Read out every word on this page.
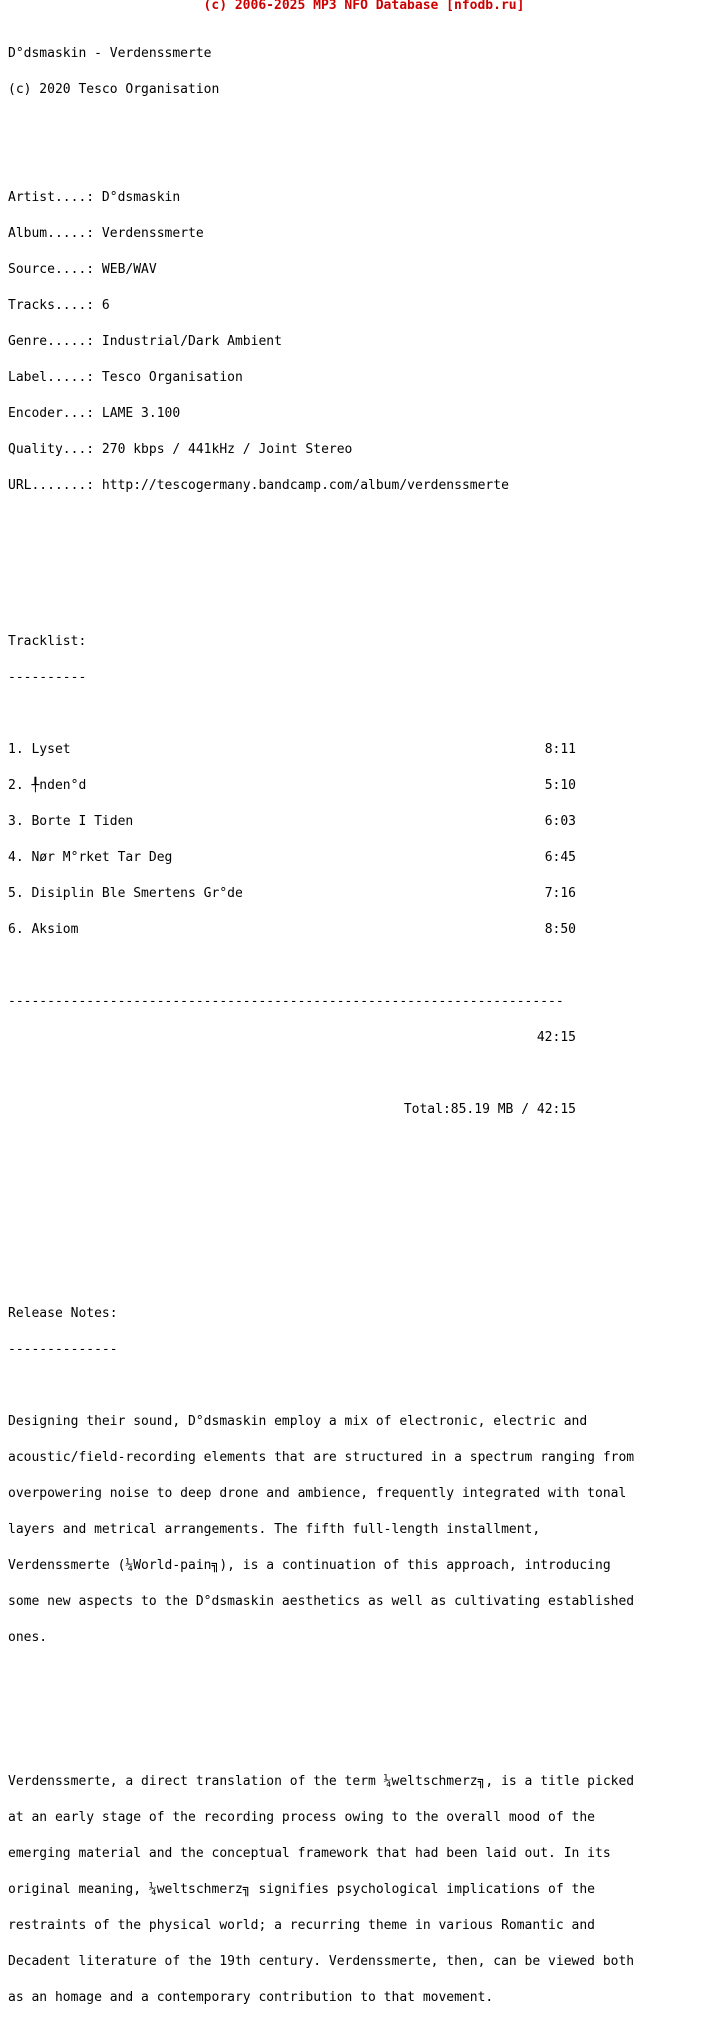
(c) 2006-2025 MP3 NFO Database [nfodb.ru]

D°dsmaskin - Verdenssmerte

(c) 2020 Tesco Organisation

Artist....: D°dsmaskin

Album.....: Verdenssmerte

Source....: WEB/WAV

Tracks....: 6

Genre.....: Industrial/Dark Ambient

Label.....: Tesco Organisation

Encoder...: LAME 3.100

Quality...: 270 kbps / 441kHz / Joint Stereo

URL.......: http://tescogermany.bandcamp.com/album/verdenssmerte

Tracklist:

----------

1. Lyset	8:11

2. ╀nden°d	5:10

3. Borte I Tiden	6:03

4. Nør M°rket Tar Deg	6:45

5. Disiplin Ble Smertens Gr°de	7:16

6. Aksiom	8:50

-----------------------------------------------------------------------

42:15

Total:85.19 MB / 42:15

Release Notes:

--------------

Designing their sound, D°dsmaskin employ a mix of electronic, electric and

acoustic/field-recording elements that are structured in a spectrum ranging from

overpowering noise to deep drone and ambience, frequently integrated with tonal

layers and metrical arrangements. The fifth full-length installment,

Verdenssmerte (¼World-pain╗), is a continuation of this approach, introducing

some new aspects to the D°dsmaskin aesthetics as well as cultivating established

ones.

Verdenssmerte, a direct translation of the term ¼weltschmerz╗, is a title picked

at an early stage of the recording process owing to the overall mood of the

emerging material and the conceptual framework that had been laid out. In its

original meaning, ¼weltschmerz╗ signifies psychological implications of the

restraints of the physical world; a recurring theme in various Romantic and

Decadent literature of the 19th century. Verdenssmerte, then, can be viewed both

as an homage and a contemporary contribution to that movement.
